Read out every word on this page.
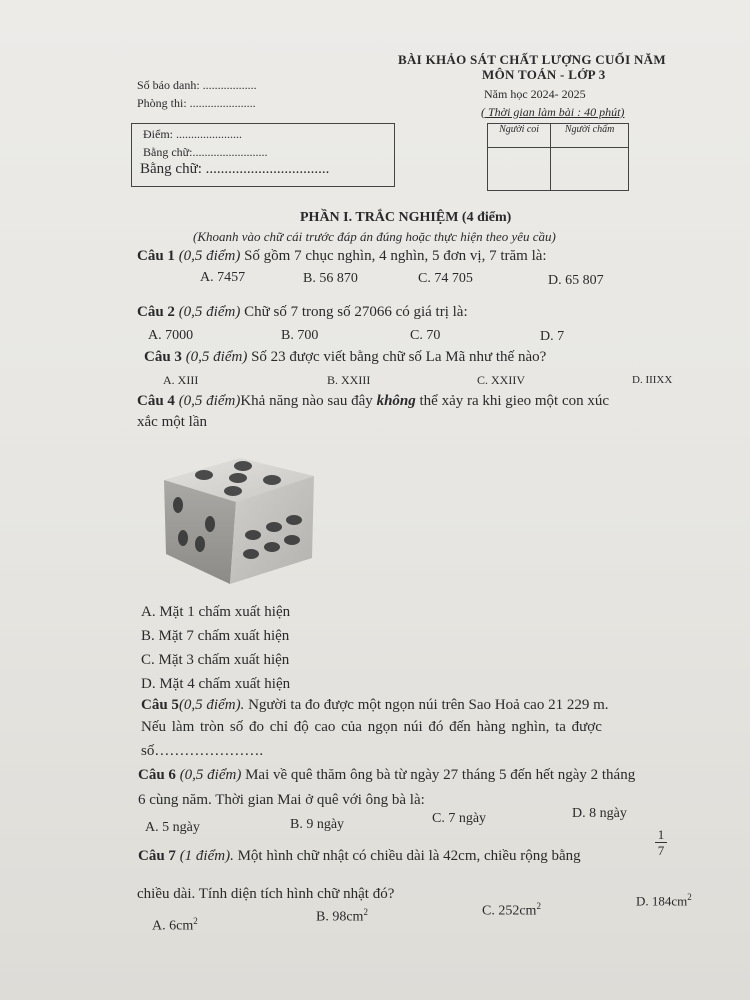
BÀI KHẢO SÁT CHẤT LƯỢNG CUỐI NĂM
MÔN TOÁN - LỚP 3
Năm học 2024- 2025
( Thời gian làm bài : 40 phút)
Số báo danh: ..................
Phòng thi: ......................
Điểm: ......................
Bằng chữ:.........................
Bằng chữ: .................................
Người coi	Người chấm

PHẦN I. TRẮC NGHIỆM (4 điểm)
(Khoanh vào chữ cái trước đáp án đúng hoặc thực hiện theo yêu cầu)
Câu 1 (0,5 điểm) Số gồm 7 chục nghìn, 4 nghìn, 5 đơn vị, 7 trăm là:
A. 7457	B. 56 870	C. 74 705	D. 65 807
Câu 2 (0,5 điểm) Chữ số 7 trong số 27066 có giá trị là:
A. 7000	B. 700	C. 70	D. 7
Câu 3 (0,5 điểm) Số 23 được viết bằng chữ số La Mã như thế nào?
A. XIII	B. XXIII	C. XXIIV	D. IIIXX
Câu 4 (0,5 điểm)Khả năng nào sau đây không thể xảy ra khi gieo một con xúc
xắc một lần
A. Mặt 1 chấm xuất hiện
B. Mặt 7 chấm xuất hiện
C. Mặt 3 chấm xuất hiện
D. Mặt 4 chấm xuất hiện
Câu 5(0,5 điểm). Người ta đo được một ngọn núi trên Sao Hoả cao 21 229 m.
Nếu làm tròn số đo chỉ độ cao của ngọn núi đó đến hàng nghìn, ta được
số………………….
Câu 6 (0,5 điểm) Mai về quê thăm ông bà từ ngày 27 tháng 5 đến hết ngày 2 tháng
6 cùng năm. Thời gian Mai ở quê với ông bà là:
A. 5 ngày	B. 9 ngày	C. 7 ngày	D. 8 ngày
Câu 7 (1 điểm). Một hình chữ nhật có chiều dài là 42cm, chiều rộng bằng	$\frac{1}{7}$
chiều dài. Tính diện tích hình chữ nhật đó?
A. $6cm^2$	B. $98cm^2$	C. $252cm^2$	D. $184cm^2$
